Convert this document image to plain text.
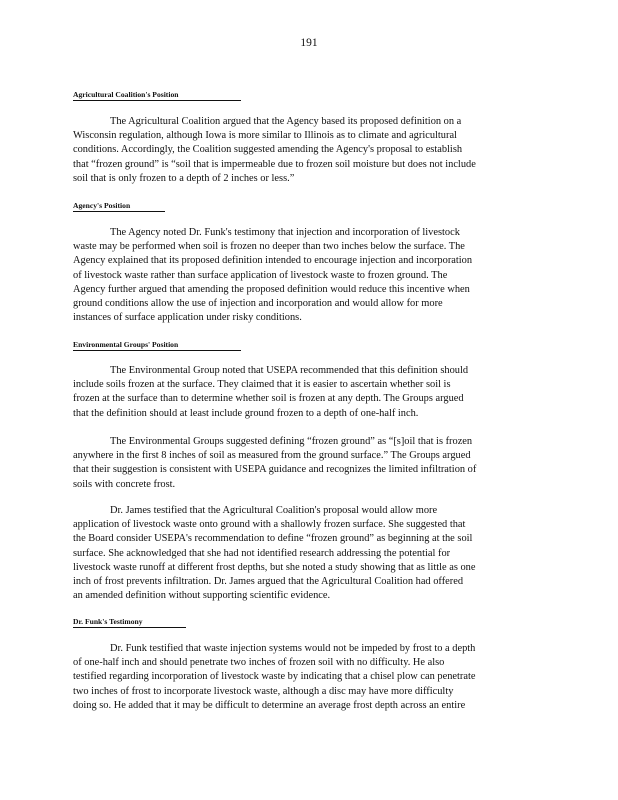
191
Agricultural Coalition's Position
The Agricultural Coalition argued that the Agency based its proposed definition on a
Wisconsin regulation, although Iowa is more similar to Illinois as to climate and agricultural
conditions. Accordingly, the Coalition suggested amending the Agency's proposal to establish
that “frozen ground” is “soil that is impermeable due to frozen soil moisture but does not include
soil that is only frozen to a depth of 2 inches or less.”
Agency's Position
The Agency noted Dr. Funk's testimony that injection and incorporation of livestock
waste may be performed when soil is frozen no deeper than two inches below the surface. The
Agency explained that its proposed definition intended to encourage injection and incorporation
of livestock waste rather than surface application of livestock waste to frozen ground. The
Agency further argued that amending the proposed definition would reduce this incentive when
ground conditions allow the use of injection and incorporation and would allow for more
instances of surface application under risky conditions.
Environmental Groups' Position
The Environmental Group noted that USEPA recommended that this definition should
include soils frozen at the surface. They claimed that it is easier to ascertain whether soil is
frozen at the surface than to determine whether soil is frozen at any depth. The Groups argued
that the definition should at least include ground frozen to a depth of one-half inch.
The Environmental Groups suggested defining “frozen ground” as “[s]oil that is frozen
anywhere in the first 8 inches of soil as measured from the ground surface.” The Groups argued
that their suggestion is consistent with USEPA guidance and recognizes the limited infiltration of
soils with concrete frost.
Dr. James testified that the Agricultural Coalition's proposal would allow more
application of livestock waste onto ground with a shallowly frozen surface. She suggested that
the Board consider USEPA's recommendation to define “frozen ground” as beginning at the soil
surface. She acknowledged that she had not identified research addressing the potential for
livestock waste runoff at different frost depths, but she noted a study showing that as little as one
inch of frost prevents infiltration. Dr. James argued that the Agricultural Coalition had offered
an amended definition without supporting scientific evidence.
Dr. Funk's Testimony
Dr. Funk testified that waste injection systems would not be impeded by frost to a depth
of one-half inch and should penetrate two inches of frozen soil with no difficulty. He also
testified regarding incorporation of livestock waste by indicating that a chisel plow can penetrate
two inches of frost to incorporate livestock waste, although a disc may have more difficulty
doing so. He added that it may be difficult to determine an average frost depth across an entire
